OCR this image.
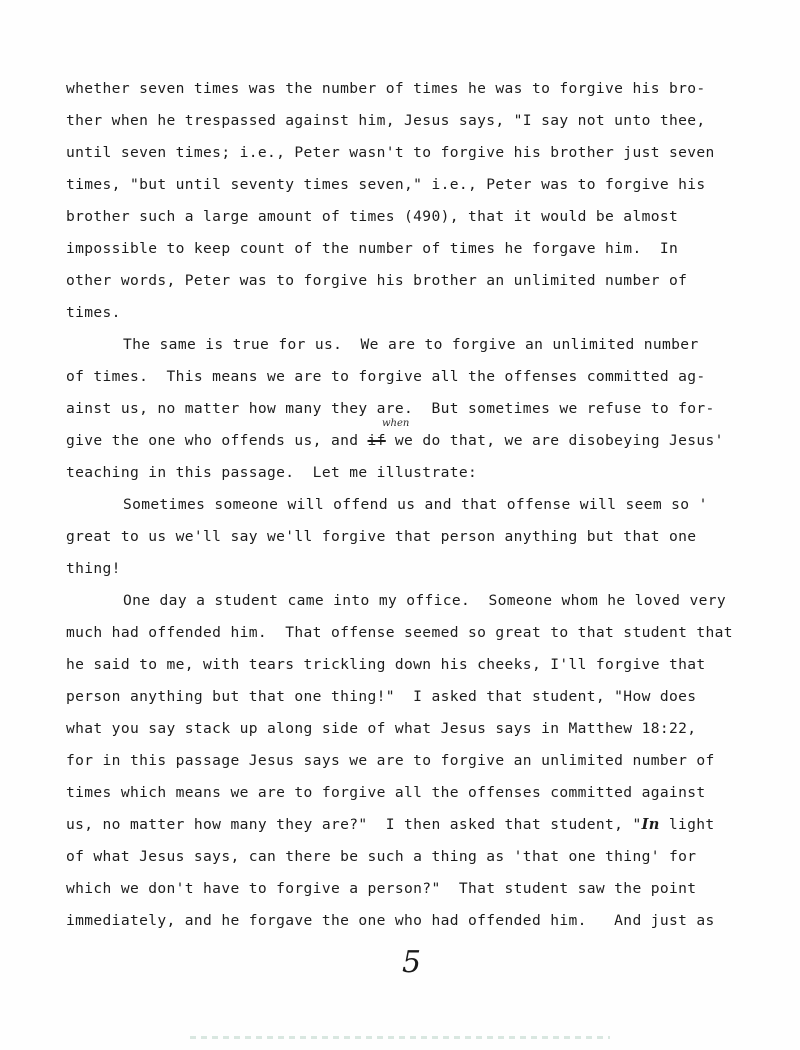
whether seven times was the number of times he was to forgive his bro-
ther when he trespassed against him, Jesus says, "I say not unto thee,
until seven times; i.e., Peter wasn't to forgive his brother just seven
times, "but until seventy times seven," i.e., Peter was to forgive his
brother such a large amount of times (490), that it would be almost
impossible to keep count of the number of times he forgave him.  In
other words, Peter was to forgive his brother an unlimited number of
times.
The same is true for us.  We are to forgive an unlimited number
of times.  This means we are to forgive all the offenses committed ag-
ainst us, no matter how many they are.  But sometimes we refuse to for-
when
give the one who offends us, and if we do that, we are disobeying Jesus'
teaching in this passage.  Let me illustrate:
Sometimes someone will offend us and that offense will seem so '
great to us we'll say we'll forgive that person anything but that one
thing!
One day a student came into my office.  Someone whom he loved very
much had offended him.  That offense seemed so great to that student that
he said to me, with tears trickling down his cheeks, I'll forgive that
person anything but that one thing!"  I asked that student, "How does
what you say stack up along side of what Jesus says in Matthew 18:22,
for in this passage Jesus says we are to forgive an unlimited number of
times which means we are to forgive all the offenses committed against
us, no matter how many they are?"  I then asked that student, "In light
of what Jesus says, can there be such a thing as 'that one thing' for
which we don't have to forgive a person?"  That student saw the point
immediately, and he forgave the one who had offended him.   And just as
5
